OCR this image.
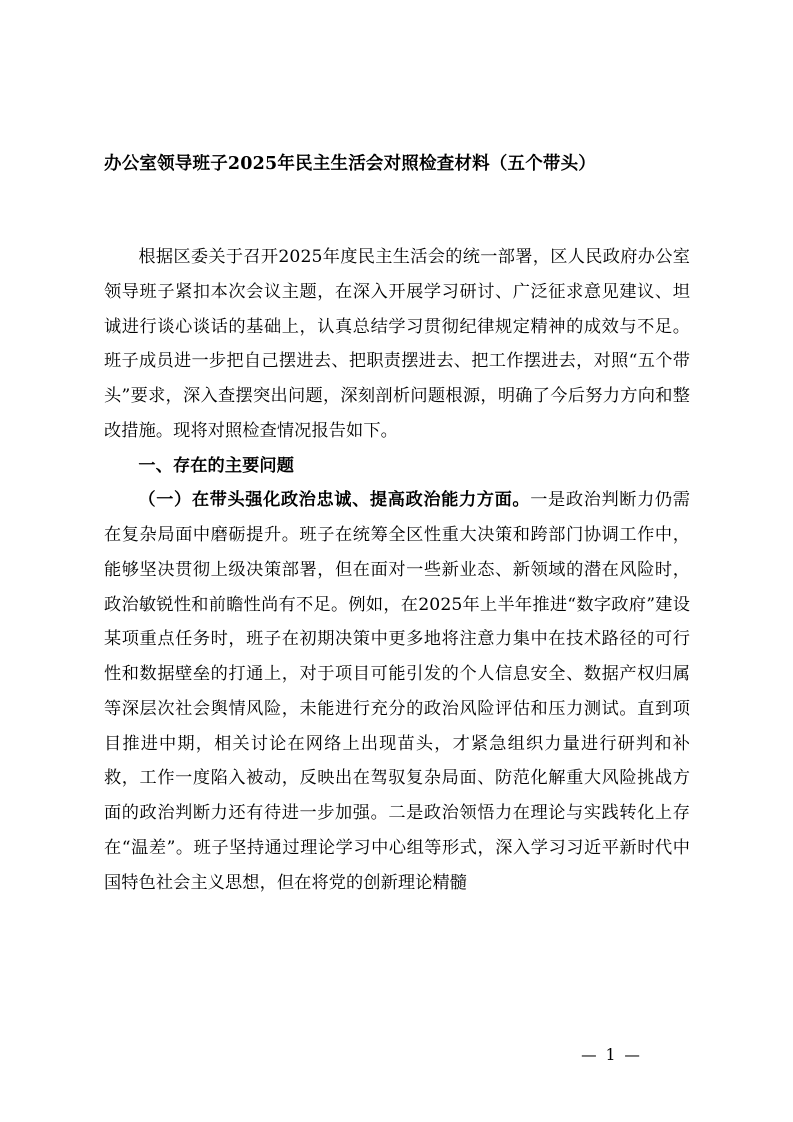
办公室领导班子2025年民主生活会对照检查材料（五个带头）

根据区委关于召开2025年度民主生活会的统一部署，区人民政府办公室领导班子紧扣本次会议主题，在深入开展学习研讨、广泛征求意见建议、坦诚进行谈心谈话的基础上，认真总结学习贯彻纪律规定精神的成效与不足。班子成员进一步把自己摆进去、把职责摆进去、把工作摆进去，对照“五个带头”要求，深入查摆突出问题，深刻剖析问题根源，明确了今后努力方向和整改措施。现将对照检查情况报告如下。

一、存在的主要问题

（一）在带头强化政治忠诚、提高政治能力方面。一是政治判断力仍需在复杂局面中磨砺提升。班子在统筹全区性重大决策和跨部门协调工作中，能够坚决贯彻上级决策部署，但在面对一些新业态、新领域的潜在风险时，政治敏锐性和前瞻性尚有不足。例如，在2025年上半年推进“数字政府”建设某项重点任务时，班子在初期决策中更多地将注意力集中在技术路径的可行性和数据壁垒的打通上，对于项目可能引发的个人信息安全、数据产权归属等深层次社会舆情风险，未能进行充分的政治风险评估和压力测试。直到项目推进中期，相关讨论在网络上出现苗头，才紧急组织力量进行研判和补救，工作一度陷入被动，反映出在驾驭复杂局面、防范化解重大风险挑战方面的政治判断力还有待进一步加强。二是政治领悟力在理论与实践转化上存在“温差”。班子坚持通过理论学习中心组等形式，深入学习习近平新时代中国特色社会主义思想，但在将党的创新理论精髓

— 1 —
